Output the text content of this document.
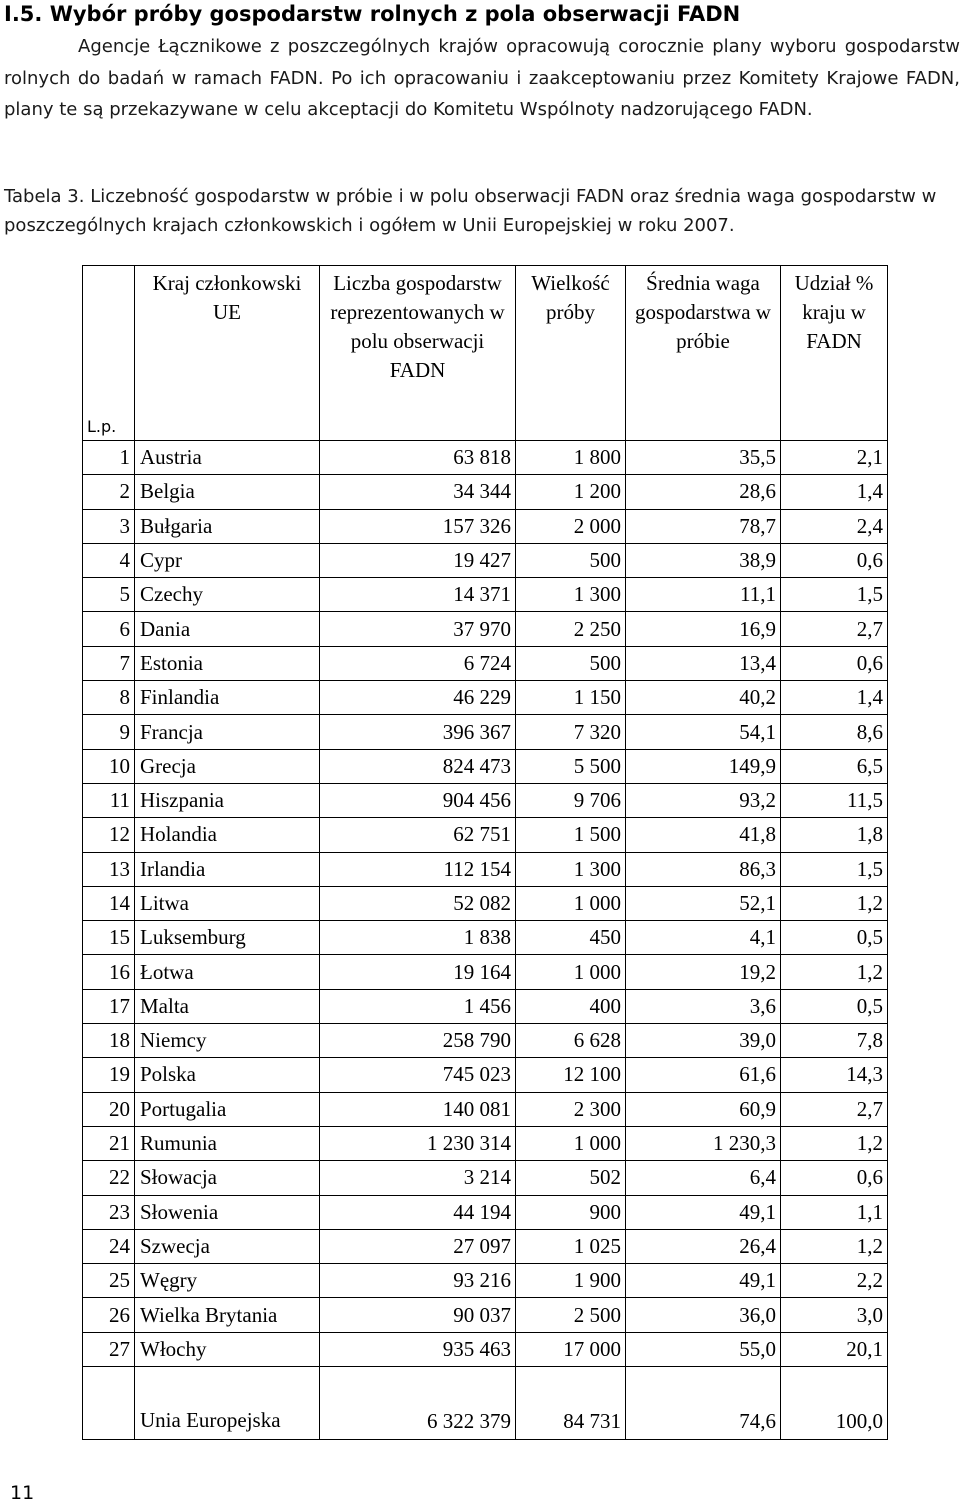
I.5. Wybór próby gospodarstw rolnych z pola obserwacji FADN
Agencje Łącznikowe z poszczególnych krajów opracowują corocznie plany wyboru gospodarstw rolnych do badań w ramach FADN. Po ich opracowaniu i zaakceptowaniu przez Komitety Krajowe FADN, plany te są przekazywane w celu akceptacji do Komitetu Wspólnoty nadzorującego FADN.
Tabela 3. Liczebność gospodarstw w próbie i w polu obserwacji FADN oraz średnia waga gospodarstw w poszczególnych krajach członkowskich i ogółem w Unii Europejskiej w roku 2007.
L.p.	Kraj członkowski UE	Liczba gospodarstw reprezentowanych w polu obserwacji FADN	Wielkość próby	Średnia waga gospodarstwa w próbie	Udział % kraju w FADN
1	Austria	63 818	1 800	35,5	2,1
2	Belgia	34 344	1 200	28,6	1,4
3	Bułgaria	157 326	2 000	78,7	2,4
4	Cypr	19 427	500	38,9	0,6
5	Czechy	14 371	1 300	11,1	1,5
6	Dania	37 970	2 250	16,9	2,7
7	Estonia	6 724	500	13,4	0,6
8	Finlandia	46 229	1 150	40,2	1,4
9	Francja	396 367	7 320	54,1	8,6
10	Grecja	824 473	5 500	149,9	6,5
11	Hiszpania	904 456	9 706	93,2	11,5
12	Holandia	62 751	1 500	41,8	1,8
13	Irlandia	112 154	1 300	86,3	1,5
14	Litwa	52 082	1 000	52,1	1,2
15	Luksemburg	1 838	450	4,1	0,5
16	Łotwa	19 164	1 000	19,2	1,2
17	Malta	1 456	400	3,6	0,5
18	Niemcy	258 790	6 628	39,0	7,8
19	Polska	745 023	12 100	61,6	14,3
20	Portugalia	140 081	2 300	60,9	2,7
21	Rumunia	1 230 314	1 000	1 230,3	1,2
22	Słowacja	3 214	502	6,4	0,6
23	Słowenia	44 194	900	49,1	1,1
24	Szwecja	27 097	1 025	26,4	1,2
25	Węgry	93 216	1 900	49,1	2,2
26	Wielka Brytania	90 037	2 500	36,0	3,0
27	Włochy	935 463	17 000	55,0	20,1
	Unia Europejska	6 322 379	84 731	74,6	100,0
11
